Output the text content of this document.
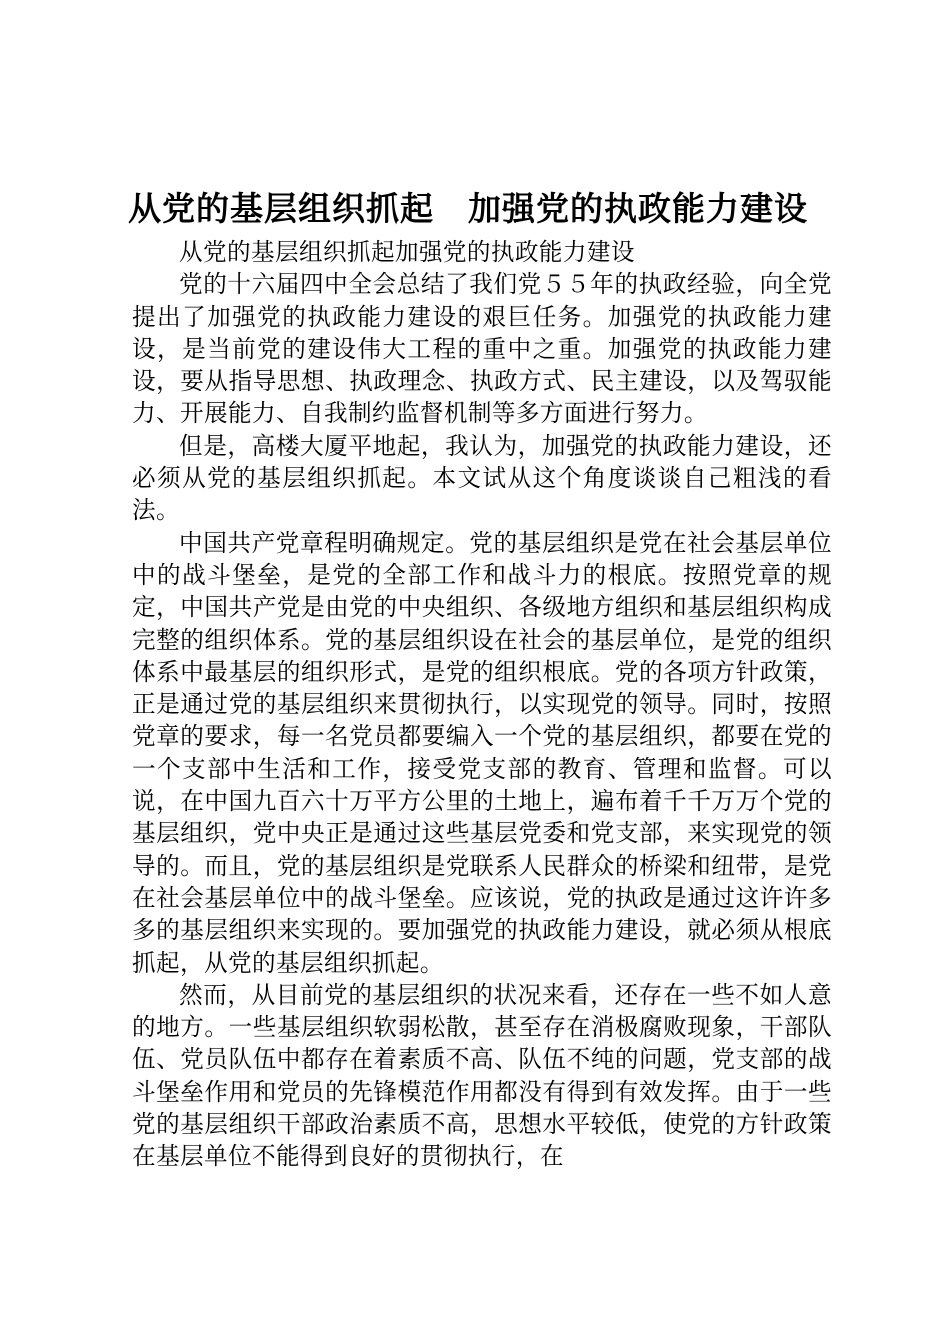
从党的基层组织抓起　加强党的执政能力建设

从党的基层组织抓起加强党的执政能力建设

党的十六届四中全会总结了我们党５５年的执政经验，向全党提出了加强党的执政能力建设的艰巨任务。加强党的执政能力建设，是当前党的建设伟大工程的重中之重。加强党的执政能力建设，要从指导思想、执政理念、执政方式、民主建设，以及驾驭能力、开展能力、自我制约监督机制等多方面进行努力。

但是，高楼大厦平地起，我认为，加强党的执政能力建设，还必须从党的基层组织抓起。本文试从这个角度谈谈自己粗浅的看法。

中国共产党章程明确规定。党的基层组织是党在社会基层单位中的战斗堡垒，是党的全部工作和战斗力的根底。按照党章的规定，中国共产党是由党的中央组织、各级地方组织和基层组织构成完整的组织体系。党的基层组织设在社会的基层单位，是党的组织体系中最基层的组织形式，是党的组织根底。党的各项方针政策，正是通过党的基层组织来贯彻执行，以实现党的领导。同时，按照党章的要求，每一名党员都要编入一个党的基层组织，都要在党的一个支部中生活和工作，接受党支部的教育、管理和监督。可以说，在中国九百六十万平方公里的土地上，遍布着千千万万个党的基层组织，党中央正是通过这些基层党委和党支部，来实现党的领导的。而且，党的基层组织是党联系人民群众的桥梁和纽带，是党在社会基层单位中的战斗堡垒。应该说，党的执政是通过这许许多多的基层组织来实现的。要加强党的执政能力建设，就必须从根底抓起，从党的基层组织抓起。

然而，从目前党的基层组织的状况来看，还存在一些不如人意的地方。一些基层组织软弱松散，甚至存在消极腐败现象，干部队伍、党员队伍中都存在着素质不高、队伍不纯的问题，党支部的战斗堡垒作用和党员的先锋模范作用都没有得到有效发挥。由于一些党的基层组织干部政治素质不高，思想水平较低，使党的方针政策在基层单位不能得到良好的贯彻执行，在
